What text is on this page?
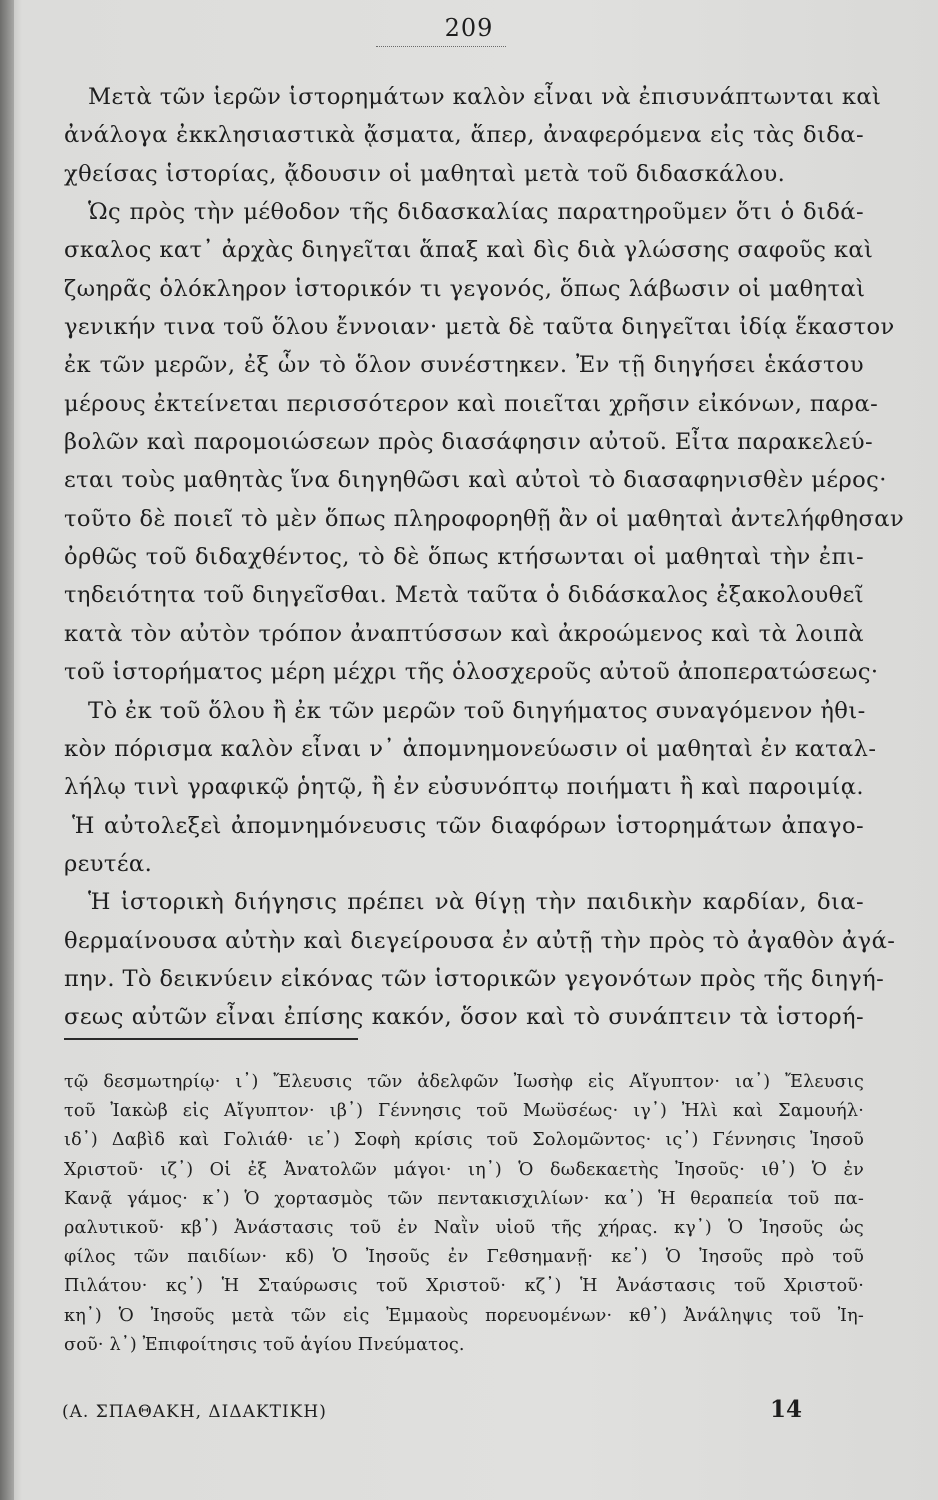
209
Μετὰ τῶν ἱερῶν ἱστορημάτων καλὸν εἶναι νὰ ἐπισυνάπτωνται καὶ
ἀνάλογα ἐκκλησιαστικὰ ᾄσματα, ἅπερ, ἀναφερόμενα εἰς τὰς διδα-
χθείσας ἱστορίας, ᾄδουσιν οἱ μαθηταὶ μετὰ τοῦ διδασκάλου.
Ὡς πρὸς τὴν μέθοδον τῆς διδασκαλίας παρατηροῦμεν ὅτι ὁ διδά-
σκαλος κατ᾽ ἀρχὰς διηγεῖται ἅπαξ καὶ δὶς διὰ γλώσσης σαφοῦς καὶ
ζωηρᾶς ὁλόκληρον ἱστορικόν τι γεγονός, ὅπως λάβωσιν οἱ μαθηταὶ
γενικήν τινα τοῦ ὅλου ἔννοιαν· μετὰ δὲ ταῦτα διηγεῖται ἰδίᾳ ἕκαστον
ἐκ τῶν μερῶν, ἐξ ὧν τὸ ὅλον συνέστηκεν. Ἐν τῇ διηγήσει ἑκάστου
μέρους ἐκτείνεται περισσότερον καὶ ποιεῖται χρῆσιν εἰκόνων, παρα-
βολῶν καὶ παρομοιώσεων πρὸς διασάφησιν αὐτοῦ. Εἶτα παρακελεύ-
εται τοὺς μαθητὰς ἵνα διηγηθῶσι καὶ αὐτοὶ τὸ διασαφηνισθὲν μέρος·
τοῦτο δὲ ποιεῖ τὸ μὲν ὅπως πληροφορηθῇ ἂν οἱ μαθηταὶ ἀντελήφθησαν
ὀρθῶς τοῦ διδαχθέντος, τὸ δὲ ὅπως κτήσωνται οἱ μαθηταὶ τὴν ἐπι-
τηδειότητα τοῦ διηγεῖσθαι. Μετὰ ταῦτα ὁ διδάσκαλος ἐξακολουθεῖ
κατὰ τὸν αὐτὸν τρόπον ἀναπτύσσων καὶ ἀκροώμενος καὶ τὰ λοιπὰ
τοῦ ἱστορήματος μέρη μέχρι τῆς ὁλοσχεροῦς αὐτοῦ ἀποπερατώσεως·
Τὸ ἐκ τοῦ ὅλου ἢ ἐκ τῶν μερῶν τοῦ διηγήματος συναγόμενον ἠθι-
κὸν πόρισμα καλὸν εἶναι ν᾽ ἀπομνημονεύωσιν οἱ μαθηταὶ ἐν καταλ-
λήλῳ τινὶ γραφικῷ ῥητῷ, ἢ ἐν εὐσυνόπτῳ ποιήματι ἢ καὶ παροιμίᾳ.
Ἡ αὐτολεξεὶ ἀπομνημόνευσις τῶν διαφόρων ἱστορημάτων ἀπαγο-
ρευτέα.
Ἡ ἱστορικὴ διήγησις πρέπει νὰ θίγῃ τὴν παιδικὴν καρδίαν, δια-
θερμαίνουσα αὐτὴν καὶ διεγείρουσα ἐν αὐτῇ τὴν πρὸς τὸ ἀγαθὸν ἀγά-
πην. Τὸ δεικνύειν εἰκόνας τῶν ἱστορικῶν γεγονότων πρὸς τῆς διηγή-
σεως αὐτῶν εἶναι ἐπίσης κακόν, ὅσον καὶ τὸ συνάπτειν τὰ ἱστορή-
τῷ δεσμωτηρίῳ· ι᾽) Ἔλευσις τῶν ἀδελφῶν Ἰωσὴφ εἰς Αἴγυπτον· ια᾽) Ἔλευσις
τοῦ Ἰακὼβ εἰς Αἴγυπτον· ιβ᾽) Γέννησις τοῦ Μωϋσέως· ιγ᾽) Ἠλὶ καὶ Σαμουήλ·
ιδ᾽) Δαβὶδ καὶ Γολιάθ· ιε᾽) Σοφὴ κρίσις τοῦ Σολομῶντος· ις᾽) Γέννησις Ἰησοῦ
Χριστοῦ· ιζ᾽) Οἱ ἐξ Ἀνατολῶν μάγοι· ιη᾽) Ὁ δωδεκαετὴς Ἰησοῦς· ιθ᾽) Ὁ ἐν
Κανᾷ γάμος· κ᾽) Ὁ χορτασμὸς τῶν πεντακισχιλίων· κα᾽) Ἡ θεραπεία τοῦ πα-
ραλυτικοῦ· κβ᾽) Ἀνάστασις τοῦ ἐν Ναῒν υἱοῦ τῆς χήρας. κγ᾽) Ὁ Ἰησοῦς ὡς
φίλος τῶν παιδίων· κδ) Ὁ Ἰησοῦς ἐν Γεθσημανῇ· κε᾽) Ὁ Ἰησοῦς πρὸ τοῦ
Πιλάτου· κς᾽) Ἡ Σταύρωσις τοῦ Χριστοῦ· κζ᾽) Ἡ Ἀνάστασις τοῦ Χριστοῦ·
κη᾽) Ὁ Ἰησοῦς μετὰ τῶν εἰς Ἐμμαοὺς πορευομένων· κθ᾽) Ἀνάληψις τοῦ Ἰη-
σοῦ· λ᾽) Ἐπιφοίτησις τοῦ ἁγίου Πνεύματος.
(Α. ΣΠΑΘΑΚΗ, ΔΙΔΑΚΤΙΚΗ)	14
